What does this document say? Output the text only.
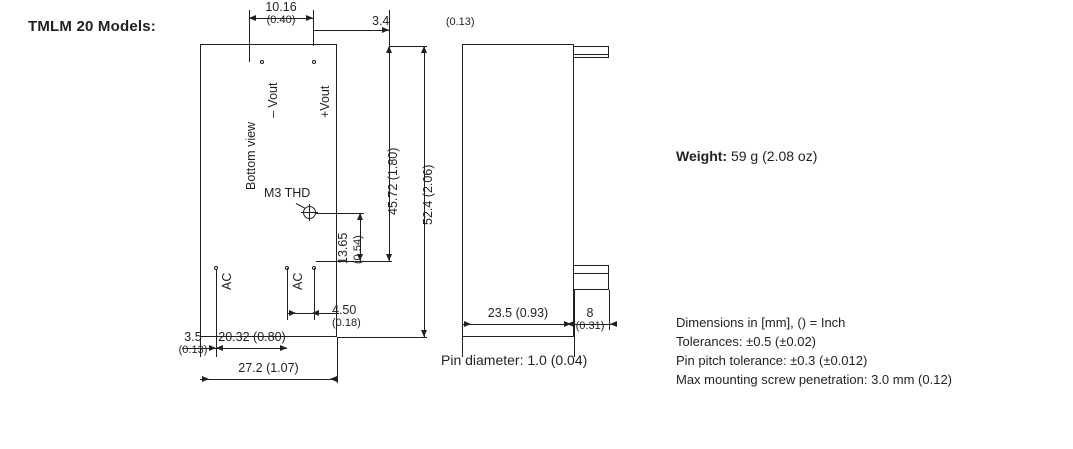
TMLM 20 Models:
Bottom view
– Vout	+Vout
AC	AC
M3 THD
10.16
(0.40)	3.4	(0.13)
45.72 (1.80) 52.4 (2.06)
13.65 (0.54)
4.50
(0.18)
3.5
(0.13)
20.32 (0.80)
27.2 (1.07)
23.5 (0.93)	8
(0.31)
Pin diameter: 1.0 (0.04)
Weight: 59 g (2.08 oz)
Dimensions in [mm], () = Inch
Tolerances: ±0.5 (±0.02)
Pin pitch tolerance: ±0.3 (±0.012)
Max mounting screw penetration: 3.0 mm (0.12)
